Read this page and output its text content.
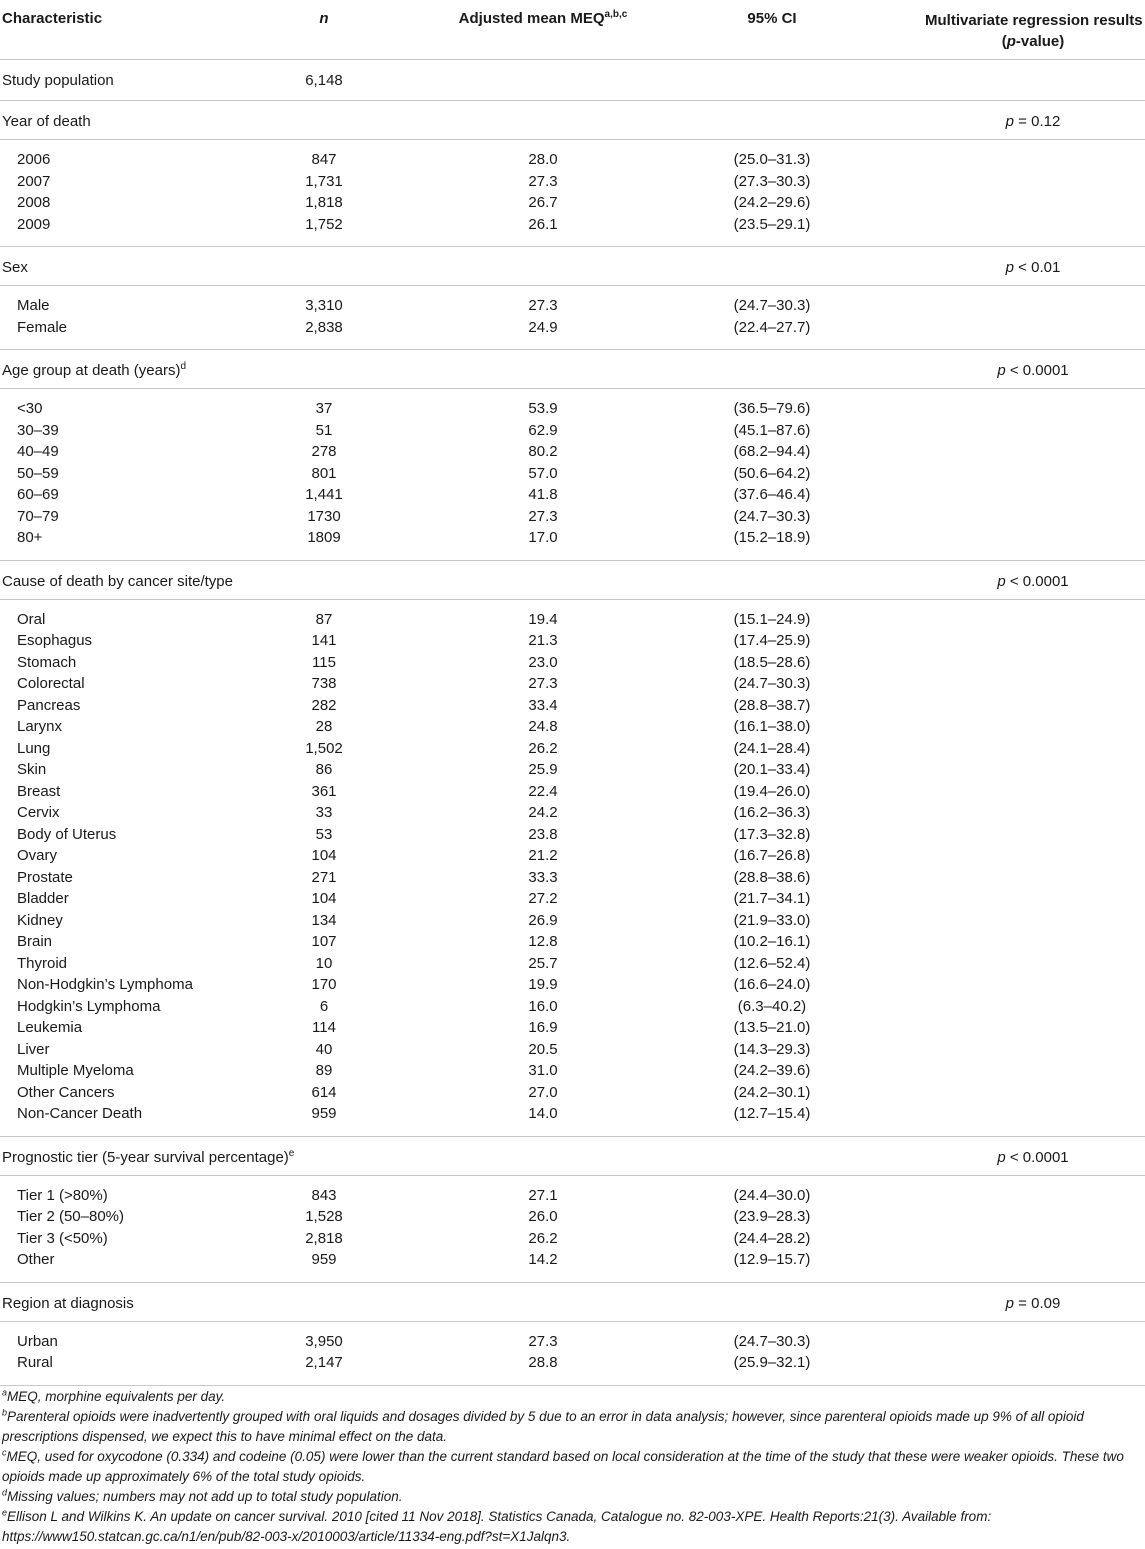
Characteristic	n	Adjusted mean MEQ$^{a,b,c}$	95% CI	Multivariate regression results
(p-value)
Study population	6,148
Year of death	p = 0.12
2006	847	28.0	(25.0–31.3)
2007	1,731	27.3	(27.3–30.3)
2008	1,818	26.7	(24.2–29.6)
2009	1,752	26.1	(23.5–29.1)
Sex	p < 0.01
Male	3,310	27.3	(24.7–30.3)
Female	2,838	24.9	(22.4–27.7)
Age group at death (years)$^d$	p < 0.0001
<30	37	53.9	(36.5–79.6)
30–39	51	62.9	(45.1–87.6)
40–49	278	80.2	(68.2–94.4)
50–59	801	57.0	(50.6–64.2)
60–69	1,441	41.8	(37.6–46.4)
70–79	1730	27.3	(24.7–30.3)
80+	1809	17.0	(15.2–18.9)
Cause of death by cancer site/type	p < 0.0001
Oral	87	19.4	(15.1–24.9)
Esophagus	141	21.3	(17.4–25.9)
Stomach	115	23.0	(18.5–28.6)
Colorectal	738	27.3	(24.7–30.3)
Pancreas	282	33.4	(28.8–38.7)
Larynx	28	24.8	(16.1–38.0)
Lung	1,502	26.2	(24.1–28.4)
Skin	86	25.9	(20.1–33.4)
Breast	361	22.4	(19.4–26.0)
Cervix	33	24.2	(16.2–36.3)
Body of Uterus	53	23.8	(17.3–32.8)
Ovary	104	21.2	(16.7–26.8)
Prostate	271	33.3	(28.8–38.6)
Bladder	104	27.2	(21.7–34.1)
Kidney	134	26.9	(21.9–33.0)
Brain	107	12.8	(10.2–16.1)
Thyroid	10	25.7	(12.6–52.4)
Non-Hodgkin’s Lymphoma	170	19.9	(16.6–24.0)
Hodgkin’s Lymphoma	6	16.0	(6.3–40.2)
Leukemia	114	16.9	(13.5–21.0)
Liver	40	20.5	(14.3–29.3)
Multiple Myeloma	89	31.0	(24.2–39.6)
Other Cancers	614	27.0	(24.2–30.1)
Non-Cancer Death	959	14.0	(12.7–15.4)
Prognostic tier (5-year survival percentage)$^e$	p < 0.0001
Tier 1 (>80%)	843	27.1	(24.4–30.0)
Tier 2 (50–80%)	1,528	26.0	(23.9–28.3)
Tier 3 (<50%)	2,818	26.2	(24.4–28.2)
Other	959	14.2	(12.9–15.7)
Region at diagnosis	p = 0.09
Urban	3,950	27.3	(24.7–30.3)
Rural	2,147	28.8	(25.9–32.1)

$^a$MEQ, morphine equivalents per day.

$^b$Parenteral opioids were inadvertently grouped with oral liquids and dosages divided by 5 due to an error in data analysis; however, since parenteral opioids made up 9% of all opioid prescriptions dispensed, we expect this to have minimal effect on the data.

$^c$MEQ, used for oxycodone (0.334) and codeine (0.05) were lower than the current standard based on local consideration at the time of the study that these were weaker opioids. These two opioids made up approximately 6% of the total study opioids.

$^d$Missing values; numbers may not add up to total study population.

$^e$Ellison L and Wilkins K. An update on cancer survival. 2010 [cited 11 Nov 2018]. Statistics Canada, Catalogue no. 82-003-XPE. Health Reports:21(3). Available from: https://www150.statcan.gc.ca/n1/en/pub/82-003-x/2010003/article/11334-eng.pdf?st=X1Jalqn3.
